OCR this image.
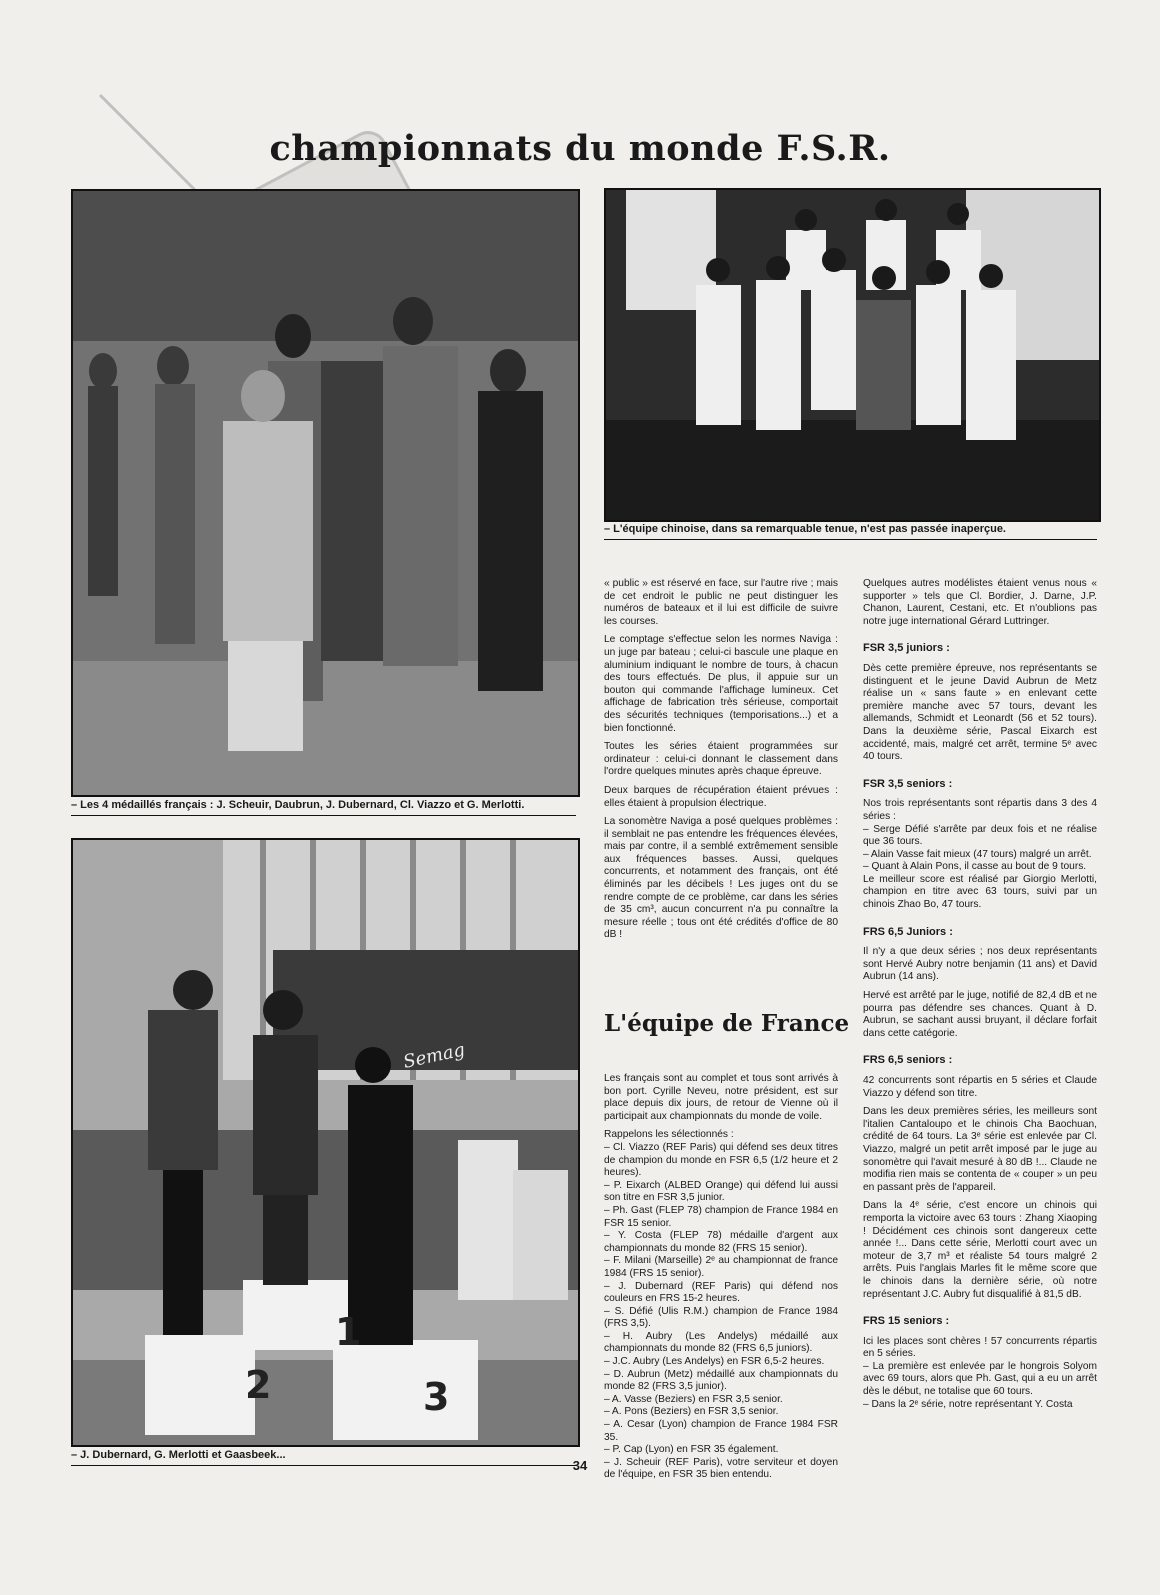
championnats du monde F.S.R.
– Les 4 médaillés français : J. Scheuir, Daubrun, J. Dubernard, Cl. Viazzo et G. Merlotti.
– L'équipe chinoise, dans sa remarquable tenue, n'est pas passée inaperçue.
1
2	3
Semag
– J. Dubernard, G. Merlotti et Gaasbeek...

« public » est réservé en face, sur l'autre rive ; mais de cet endroit le public ne peut distinguer les numéros de bateaux et il lui est difficile de suivre les courses.

Le comptage s'effectue selon les normes Naviga : un juge par bateau ; celui-ci bascule une plaque en aluminium indiquant le nombre de tours, à chacun des tours effectués. De plus, il appuie sur un bouton qui commande l'affichage lumineux. Cet affichage de fabrication très sérieuse, comportait des sécurités techniques (temporisations...) et a bien fonctionné.

Toutes les séries étaient programmées sur ordinateur : celui-ci donnant le classement dans l'ordre quelques minutes après chaque épreuve.

Deux barques de récupération étaient prévues : elles étaient à propulsion électrique.

La sonomètre Naviga a posé quelques problèmes : il semblait ne pas entendre les fréquences élevées, mais par contre, il a semblé extrêmement sensible aux fréquences basses. Aussi, quelques concurrents, et notamment des français, ont été éliminés par les décibels ! Les juges ont du se rendre compte de ce problème, car dans les séries de 35 cm³, aucun concurrent n'a pu connaître la mesure réelle ; tous ont été crédités d'office de 80 dB !

L'équipe de France

Les français sont au complet et tous sont arrivés à bon port. Cyrille Neveu, notre président, est sur place depuis dix jours, de retour de Vienne où il participait aux championnats du monde de voile.

Rappelons les sélectionnés :

– Cl. Viazzo (REF Paris) qui défend ses deux titres de champion du monde en FSR 6,5 (1/2 heure et 2 heures).

– P. Eixarch (ALBED Orange) qui défend lui aussi son titre en FSR 3,5 junior.

– Ph. Gast (FLEP 78) champion de France 1984 en FSR 15 senior.

– Y. Costa (FLEP 78) médaille d'argent aux championnats du monde 82 (FRS 15 senior).

– F. Milani (Marseille) 2ᵉ au championnat de france 1984 (FRS 15 senior).

– J. Dubernard (REF Paris) qui défend nos couleurs en FRS 15-2 heures.

– S. Défié (Ulis R.M.) champion de France 1984 (FRS 3,5).

– H. Aubry (Les Andelys) médaillé aux championnats du monde 82 (FRS 6,5 juniors).

– J.C. Aubry (Les Andelys) en FSR 6,5-2 heures.

– D. Aubrun (Metz) médaillé aux championnats du monde 82 (FRS 3,5 junior).

– A. Vasse (Beziers) en FSR 3,5 senior.

– A. Pons (Beziers) en FSR 3,5 senior.

– A. Cesar (Lyon) champion de France 1984 FSR 35.

– P. Cap (Lyon) en FSR 35 également.

– J. Scheuir (REF Paris), votre serviteur et doyen de l'équipe, en FSR 35 bien entendu.

Quelques autres modélistes étaient venus nous « supporter » tels que Cl. Bordier, J. Darne, J.P. Chanon, Laurent, Cestani, etc. Et n'oublions pas notre juge international Gérard Luttringer.

FSR 3,5 juniors :

Dès cette première épreuve, nos représentants se distinguent et le jeune David Aubrun de Metz réalise un « sans faute » en enlevant cette première manche avec 57 tours, devant les allemands, Schmidt et Leonardt (56 et 52 tours). Dans la deuxième série, Pascal Eixarch est accidenté, mais, malgré cet arrêt, termine 5ᵉ avec 40 tours.

FSR 3,5 seniors :

Nos trois représentants sont répartis dans 3 des 4 séries :

– Serge Défié s'arrête par deux fois et ne réalise que 36 tours.

– Alain Vasse fait mieux (47 tours) malgré un arrêt.

– Quant à Alain Pons, il casse au bout de 9 tours.

Le meilleur score est réalisé par Giorgio Merlotti, champion en titre avec 63 tours, suivi par un chinois Zhao Bo, 47 tours.

FRS 6,5 Juniors :

Il n'y a que deux séries ; nos deux représentants sont Hervé Aubry notre benjamin (11 ans) et David Aubrun (14 ans).

Hervé est arrêté par le juge, notifié de 82,4 dB et ne pourra pas défendre ses chances. Quant à D. Aubrun, se sachant aussi bruyant, il déclare forfait dans cette catégorie.

FRS 6,5 seniors :

42 concurrents sont répartis en 5 séries et Claude Viazzo y défend son titre.

Dans les deux premières séries, les meilleurs sont l'italien Cantaloupo et le chinois Cha Baochuan, crédité de 64 tours. La 3ᵉ série est enlevée par Cl. Viazzo, malgré un petit arrêt imposé par le juge au sonomètre qui l'avait mesuré à 80 dB !... Claude ne modifia rien mais se contenta de « couper » un peu en passant près de l'appareil.

Dans la 4ᵉ série, c'est encore un chinois qui remporta la victoire avec 63 tours : Zhang Xiaoping ! Décidément ces chinois sont dangereux cette année !... Dans cette série, Merlotti court avec un moteur de 3,7 m³ et réaliste 54 tours malgré 2 arrêts. Puis l'anglais Marles fit le même score que le chinois dans la dernière série, où notre représentant J.C. Aubry fut disqualifié à 81,5 dB.

FRS 15 seniors :

Ici les places sont chères ! 57 concurrents répartis en 5 séries.

– La première est enlevée par le hongrois Solyom avec 69 tours, alors que Ph. Gast, qui a eu un arrêt dès le début, ne totalise que 60 tours.

– Dans la 2ᵉ série, notre représentant Y. Costa

34
